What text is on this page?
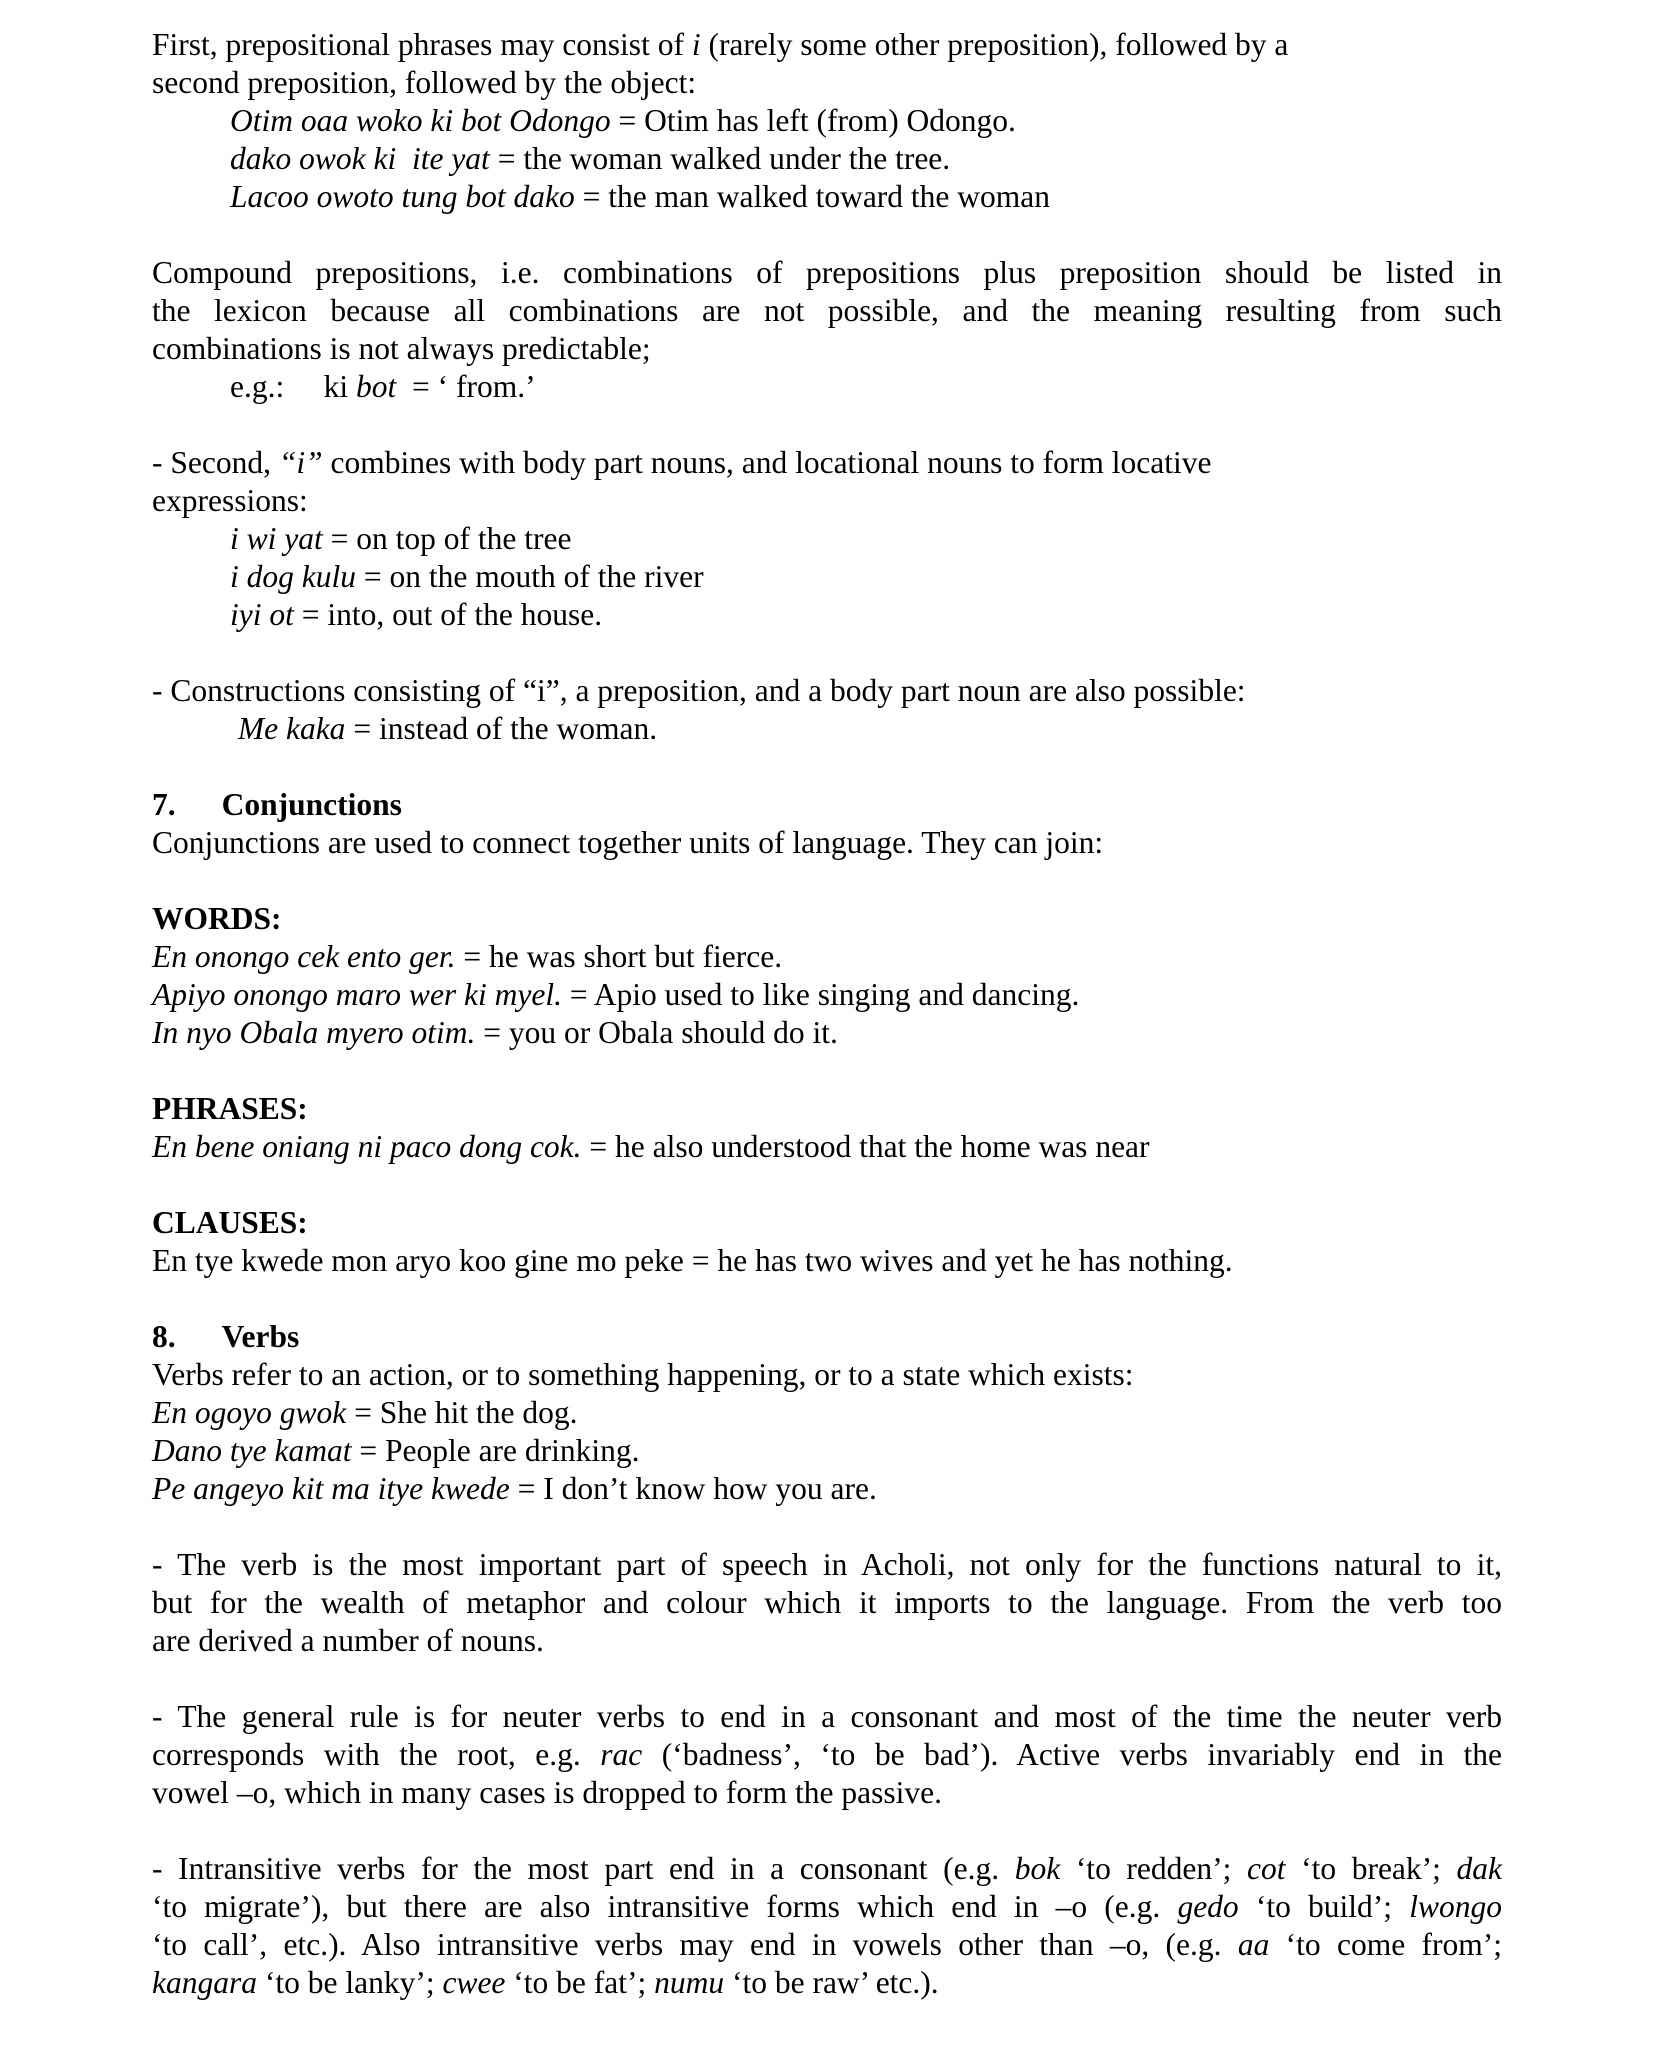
First, prepositional phrases may consist of i (rarely some other preposition), followed by a

second preposition, followed by the object:

Otim oaa woko ki bot Odongo = Otim has left (from) Odongo.

dako owok ki  ite yat = the woman walked under the tree.

Lacoo owoto tung bot dako = the man walked toward the woman

Compound prepositions, i.e. combinations of prepositions plus preposition should be listed in

the lexicon because all combinations are not possible, and the meaning resulting from such

combinations is not always predictable;

e.g.:     ki bot  = ‘ from.’

- Second, “i” combines with body part nouns, and locational nouns to form locative

expressions:

i wi yat = on top of the tree

i dog kulu = on the mouth of the river

iyi ot = into, out of the house.

- Constructions consisting of “i”, a preposition, and a body part noun are also possible:

Me kaka = instead of the woman.

7. Conjunctions

Conjunctions are used to connect together units of language. They can join:

WORDS:

En onongo cek ento ger. = he was short but fierce.

Apiyo onongo maro wer ki myel. = Apio used to like singing and dancing.

In nyo Obala myero otim. = you or Obala should do it.

PHRASES:

En bene oniang ni paco dong cok. = he also understood that the home was near

CLAUSES:

En tye kwede mon aryo koo gine mo peke = he has two wives and yet he has nothing.

8. Verbs

Verbs refer to an action, or to something happening, or to a state which exists:

En ogoyo gwok = She hit the dog.

Dano tye kamat = People are drinking.

Pe angeyo kit ma itye kwede = I don’t know how you are.

- The verb is the most important part of speech in Acholi, not only for the functions natural to it,

but for the wealth of metaphor and colour which it imports to the language. From the verb too

are derived a number of nouns.

- The general rule is for neuter verbs to end in a consonant and most of the time the neuter verb

corresponds with the root, e.g. rac (‘badness’, ‘to be bad’). Active verbs invariably end in the

vowel –o, which in many cases is dropped to form the passive.

- Intransitive verbs for the most part end in a consonant (e.g. bok ‘to redden’; cot ‘to break’; dak

‘to migrate’), but there are also intransitive forms which end in –o (e.g. gedo ‘to build’; lwongo

‘to call’, etc.). Also intransitive verbs may end in vowels other than –o, (e.g. aa ‘to come from’;

kangara ‘to be lanky’; cwee ‘to be fat’; numu ‘to be raw’ etc.).
